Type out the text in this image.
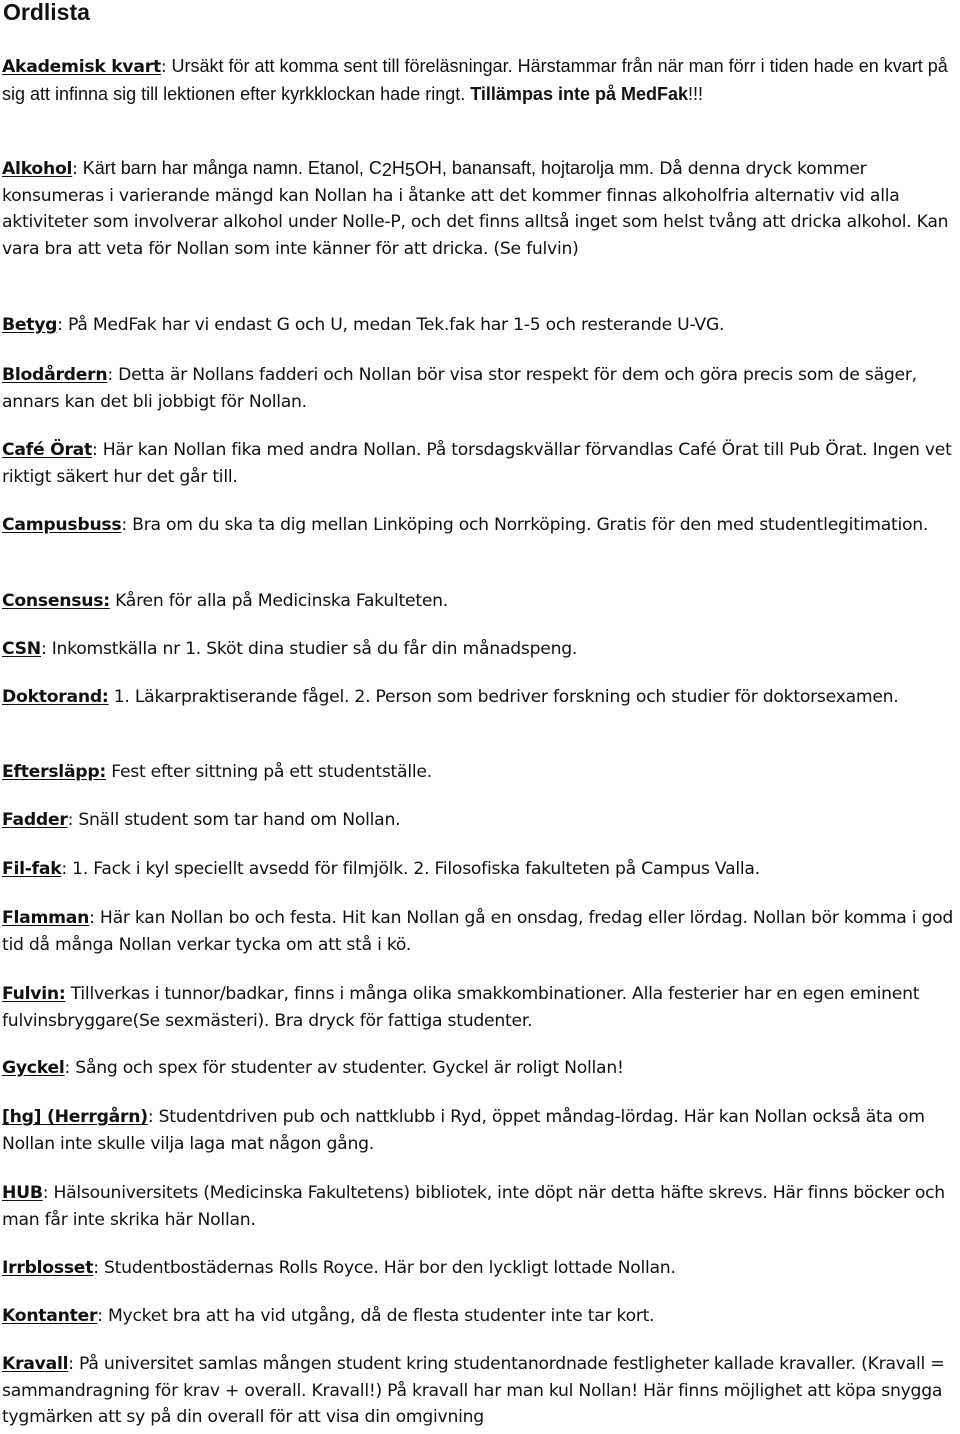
Ordlista

Akademisk kvart: Ursäkt för att komma sent till föreläsningar. Härstammar från när man förr i tiden hade en kvart på sig att infinna sig till lektionen efter kyrkklockan hade ringt. Tillämpas inte på MedFak!!!

Alkohol: Kärt barn har många namn. Etanol, $C_2H_5OH$, banansaft, hojtarolja mm. Då denna dryck kommer konsumeras i varierande mängd kan Nollan ha i åtanke att det kommer finnas alkoholfria alternativ vid alla aktiviteter som involverar alkohol under Nolle-P, och det finns alltså inget som helst tvång att dricka alkohol. Kan vara bra att veta för Nollan som inte känner för att dricka. (Se fulvin)

Betyg: På MedFak har vi endast G och U, medan Tek.fak har 1-5 och resterande U-VG.

Blodårdern: Detta är Nollans fadderi och Nollan bör visa stor respekt för dem och göra precis som de säger, annars kan det bli jobbigt för Nollan.

Café Örat: Här kan Nollan fika med andra Nollan. På torsdagskvällar förvandlas Café Örat till Pub Örat. Ingen vet riktigt säkert hur det går till.

Campusbuss: Bra om du ska ta dig mellan Linköping och Norrköping. Gratis för den med studentlegitimation.

Consensus: Kåren för alla på Medicinska Fakulteten.

CSN: Inkomstkälla nr 1. Sköt dina studier så du får din månadspeng.

Doktorand: 1. Läkarpraktiserande fågel. 2. Person som bedriver forskning och studier för doktorsexamen.

Eftersläpp: Fest efter sittning på ett studentställe.

Fadder: Snäll student som tar hand om Nollan.

Fil-fak: 1. Fack i kyl speciellt avsedd för filmjölk. 2. Filosofiska fakulteten på Campus Valla.

Flamman: Här kan Nollan bo och festa. Hit kan Nollan gå en onsdag, fredag eller lördag. Nollan bör komma i god tid då många Nollan verkar tycka om att stå i kö.

Fulvin: Tillverkas i tunnor/badkar, finns i många olika smakkombinationer. Alla festerier har en egen eminent fulvinsbryggare(Se sexmästeri). Bra dryck för fattiga studenter.

Gyckel: Sång och spex för studenter av studenter. Gyckel är roligt Nollan!

[hg] (Herrgårn): Studentdriven pub och nattklubb i Ryd, öppet måndag-lördag. Här kan Nollan också äta om Nollan inte skulle vilja laga mat någon gång.

HUB: Hälsouniversitets (Medicinska Fakultetens) bibliotek, inte döpt när detta häfte skrevs. Här finns böcker och man får inte skrika här Nollan.

Irrblosset: Studentbostädernas Rolls Royce. Här bor den lyckligt lottade Nollan.

Kontanter: Mycket bra att ha vid utgång, då de flesta studenter inte tar kort.

Kravall: På universitet samlas mången student kring studentanordnade festligheter kallade kravaller. (Kravall = sammandragning för krav + overall. Kravall!) På kravall har man kul Nollan! Här finns möjlighet att köpa snygga tygmärken att sy på din overall för att visa din omgivning
